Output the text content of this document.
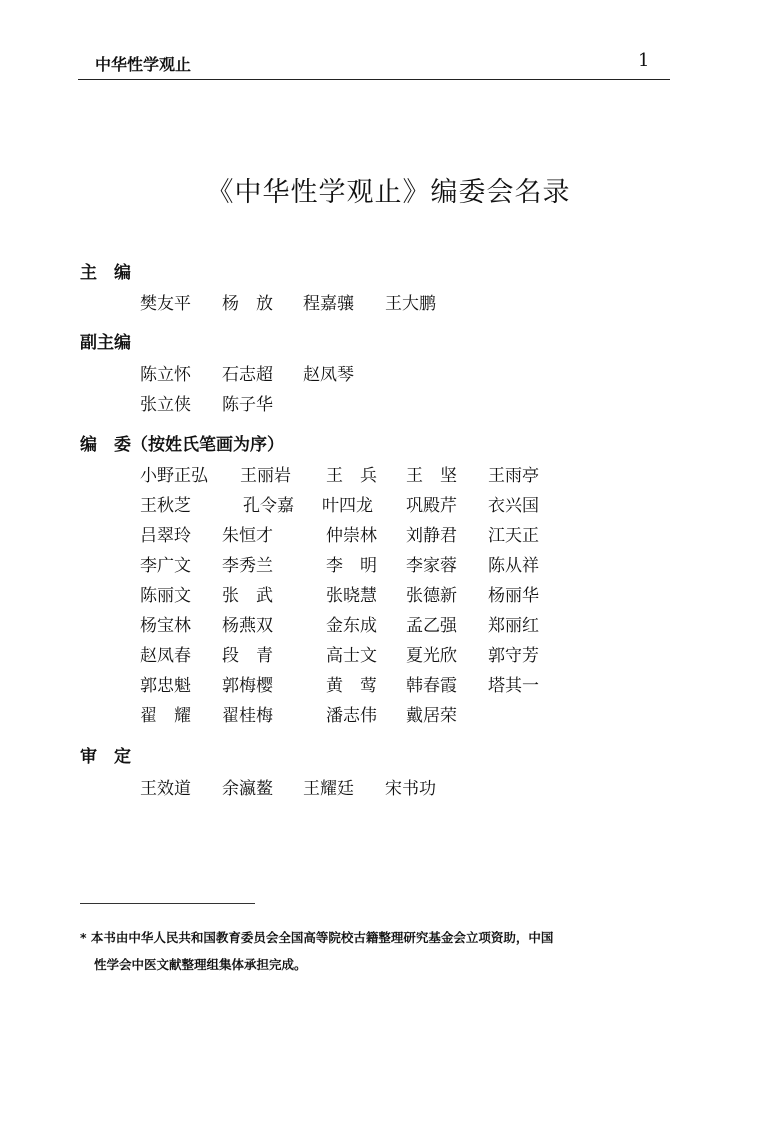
中华性学观止	1
《中华性学观止》编委会名录
主　编
樊友平 杨　放 程嘉骧 王大鹏
副主编
陈立怀 石志超 赵凤琴
张立侠 陈子华
编　委（按姓氏笔画为序）
小野正弘 王丽岩 王　兵 王　坚 王雨亭
王秋芝	孔令嘉 叶四龙 巩殿芹 衣兴国
吕翠玲 朱恒才	仲崇林 刘静君 江天正
李广文 李秀兰	李　明 李家蓉 陈从祥
陈丽文 张　武	张晓慧 张德新 杨丽华
杨宝林 杨燕双	金东成 孟乙强 郑丽红
赵凤春 段　青	高士文 夏光欣 郭守芳
郭忠魁 郭梅樱	黄　莺 韩春霞 塔其一
翟　耀 翟桂梅	潘志伟 戴居荣
审　定
王效道 余瀛鳌 王耀廷 宋书功
* 本书由中华人民共和国教育委员会全国高等院校古籍整理研究基金会立项资助，中国
性学会中医文献整理组集体承担完成。
